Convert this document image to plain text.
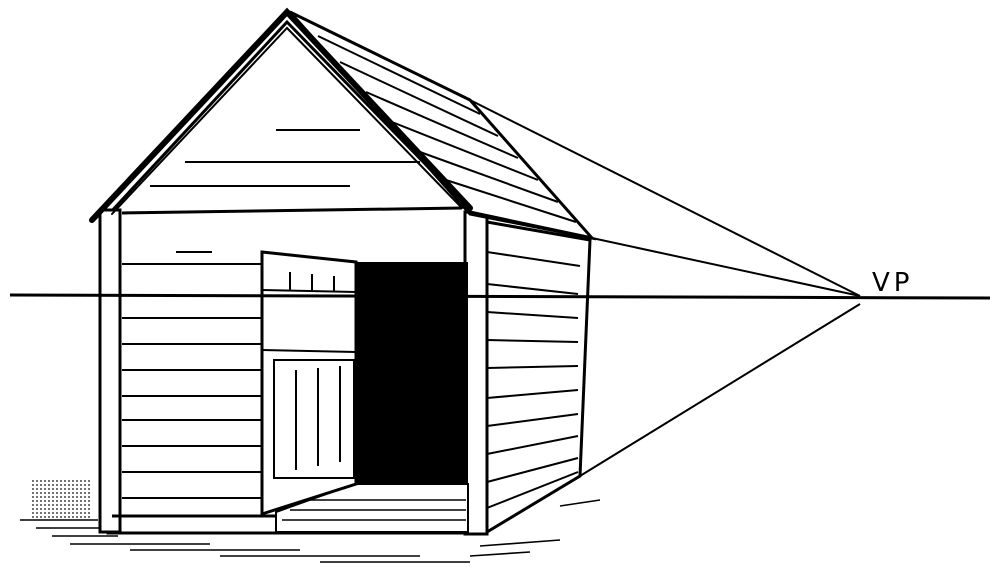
VP
